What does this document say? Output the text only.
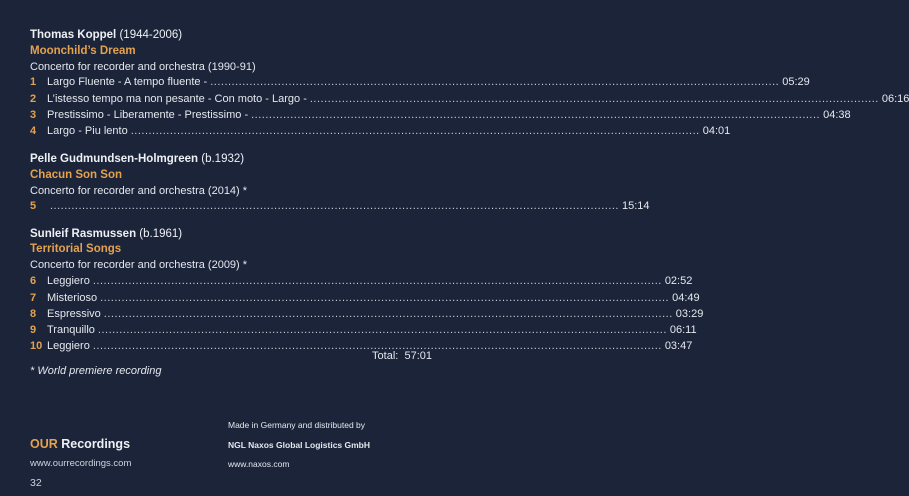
Thomas Koppel (1944-2006)
Moonchild’s Dream
Concerto for recorder and orchestra (1990-91)
1 Largo Fluente - A tempo fluente - ................................................................................................................................................................ 05:29
2 L’istesso tempo ma non pesante - Con moto - Largo - ................................................................................................................................................................ 06:16
3 Prestissimo - Liberamente - Prestissimo - ................................................................................................................................................................ 04:38
4 Largo - Piu lento ................................................................................................................................................................ 04:01
Pelle Gudmundsen-Holmgreen (b.1932)
Chacun Son Son
Concerto for recorder and orchestra (2014) *
5	................................................................................................................................................................ 15:14
Sunleif Rasmussen (b.1961)
Territorial Songs
Concerto for recorder and orchestra (2009) *
6 Leggiero ................................................................................................................................................................ 02:52
7 Misterioso ................................................................................................................................................................ 04:49
8 Espressivo ................................................................................................................................................................ 03:29
9 Tranquillo ................................................................................................................................................................ 06:11
10 Leggiero ................................................................................................................................................................ 03:47
Total: 57:01
* World premiere recording
OUR Recordings
www.ourrecordings.com
32
Made in Germany and distributed by
NGL Naxos Global Logistics GmbH
www.naxos.com
